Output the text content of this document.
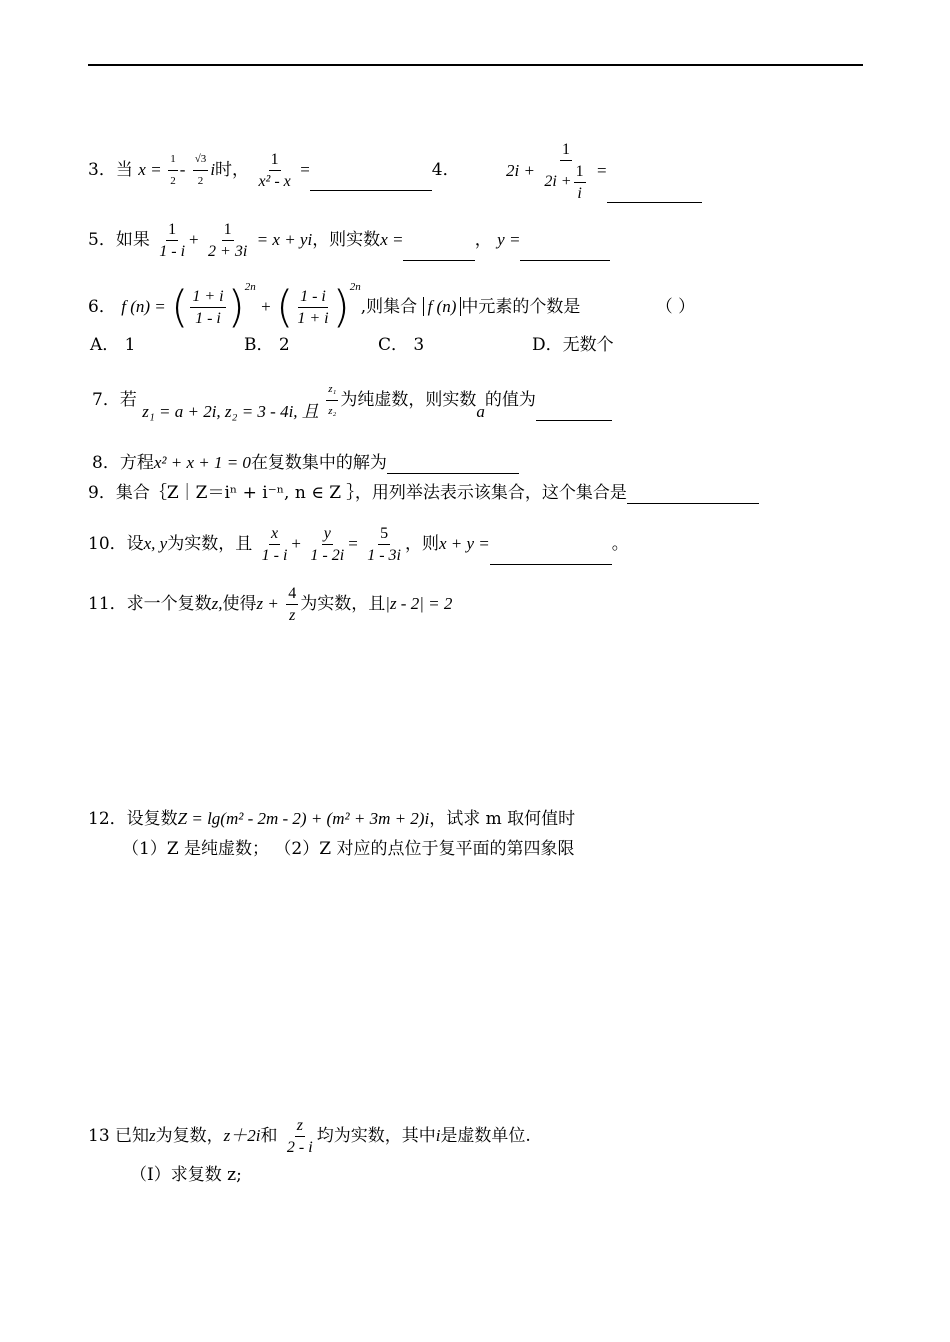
3．当 $x = \frac{1}{2} - \frac{√3}{2}$ i时， $\frac{1}{\text{x² - x}}$ =	4．	$2i + \frac{1}{2i + \frac{1}{i}}$ =
5．如果 $\frac{1}{1 - i} + \frac{1}{2 + 3i} = x$ + yi，则实数x =	， y =
6． f (n) = ( $\frac{1 + i}{1 - i} )^{2n}$ + ( $\frac{1 - i}{1 + i} )^{2n}$,则集合 f (n) 中元素的个数是	（ ）
A． 1	B． 2	C． 3	D．无数个
7．若 z₁ = a + 2i, z₂ = 3 - 4i, 且 $\frac{\text{z₁}}{\text{z₂}}$ 为纯虚数，则实数a的值为
8．方程x² + x + 1 = 0在复数集中的解为
9．集合｛Z｜Z＝iⁿ + i⁻ⁿ, n ∈ Z ｝，用列举法表示该集合，这个集合是
10．设x, y为实数，且 $\frac{x}{1 - i} + \frac{y}{1 - 2i} = \frac{5}{1 - 3i}$ ，则x + y =	。
11．求一个复数z,使得$z + \frac{4}{z}$ 为实数，且|z - 2| = 2
12．设复数Z = lg(m² - 2m - 2) + (m² + 3m + 2)i，试求 m 取何值时
（1）Z 是纯虚数； （2）Z 对应的点位于复平面的第四象限
13 已知z为复数，z＋2i和 $\frac{z}{2 - i}$ 均为实数，其中i是虚数单位.
（Ⅰ）求复数 z;
